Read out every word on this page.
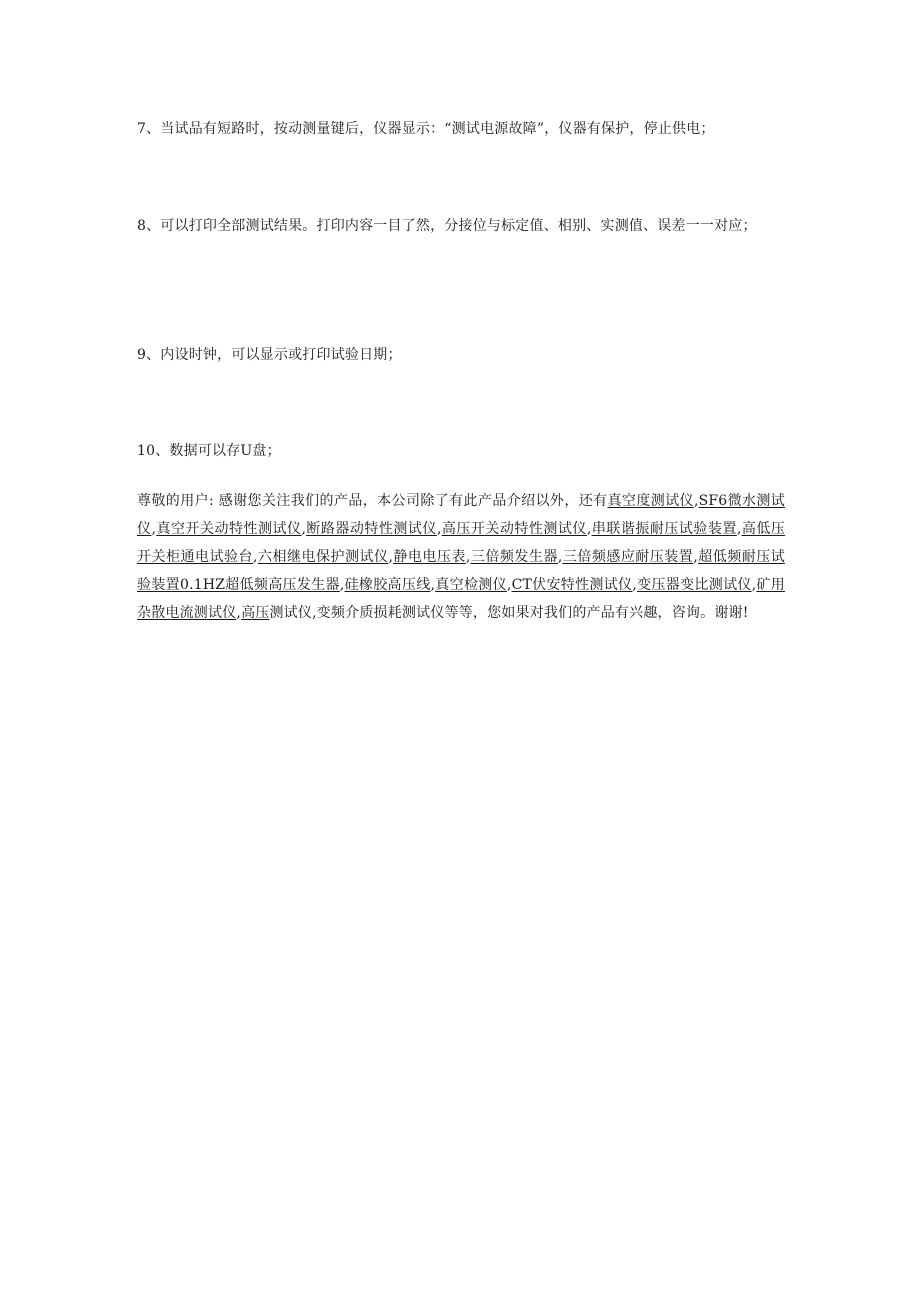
7、当试品有短路时，按动测量键后，仪器显示：“测试电源故障”，仪器有保护，停止供电；

8、可以打印全部测试结果。打印内容一目了然，分接位与标定值、相别、实测值、误差一一对应；

9、内设时钟，可以显示或打印试验日期；

10、数据可以存U盘；

尊敬的用户: 感谢您关注我们的产品，本公司除了有此产品介绍以外，还有真空度测试仪,SF6微水测试仪,真空开关动特性测试仪,断路器动特性测试仪,高压开关动特性测试仪,串联谐振耐压试验装置,高低压开关柜通电试验台,六相继电保护测试仪,静电电压表,三倍频发生器,三倍频感应耐压装置,超低频耐压试验装置0.1HZ超低频高压发生器,硅橡胶高压线,真空检测仪,CT伏安特性测试仪,变压器变比测试仪,矿用杂散电流测试仪,高压测试仪,变频介质损耗测试仪等等，您如果对我们的产品有兴趣，咨询。谢谢!
